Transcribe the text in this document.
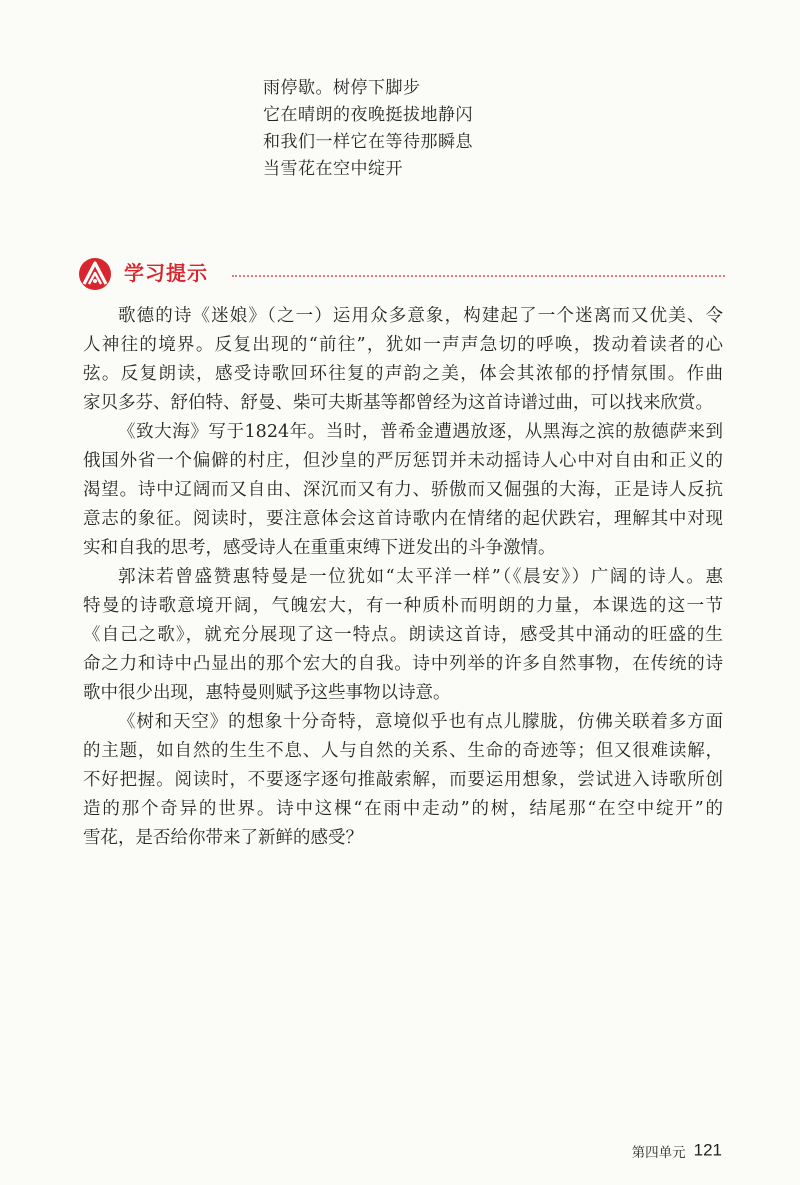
雨停歇。树停下脚步
它在晴朗的夜晚挺拔地静闪
和我们一样它在等待那瞬息
当雪花在空中绽开
学习提示
歌德的诗《迷娘》（之一）运用众多意象，构建起了一个迷离而又优美、令
人神往的境界。反复出现的“前往”，犹如一声声急切的呼唤，拨动着读者的心
弦。反复朗读，感受诗歌回环往复的声韵之美，体会其浓郁的抒情氛围。作曲
家贝多芬、舒伯特、舒曼、柴可夫斯基等都曾经为这首诗谱过曲，可以找来欣赏。
《致大海》写于1824年。当时，普希金遭遇放逐，从黑海之滨的敖德萨来到
俄国外省一个偏僻的村庄，但沙皇的严厉惩罚并未动摇诗人心中对自由和正义的
渴望。诗中辽阔而又自由、深沉而又有力、骄傲而又倔强的大海，正是诗人反抗
意志的象征。阅读时，要注意体会这首诗歌内在情绪的起伏跌宕，理解其中对现
实和自我的思考，感受诗人在重重束缚下迸发出的斗争激情。
郭沫若曾盛赞惠特曼是一位犹如“太平洋一样”（《晨安》）广阔的诗人。惠
特曼的诗歌意境开阔，气魄宏大，有一种质朴而明朗的力量，本课选的这一节
《自己之歌》，就充分展现了这一特点。朗读这首诗，感受其中涌动的旺盛的生
命之力和诗中凸显出的那个宏大的自我。诗中列举的许多自然事物，在传统的诗
歌中很少出现，惠特曼则赋予这些事物以诗意。
《树和天空》的想象十分奇特，意境似乎也有点儿朦胧，仿佛关联着多方面
的主题，如自然的生生不息、人与自然的关系、生命的奇迹等；但又很难读解，
不好把握。阅读时，不要逐字逐句推敲索解，而要运用想象，尝试进入诗歌所创
造的那个奇异的世界。诗中这棵“在雨中走动”的树，结尾那“在空中绽开”的
雪花，是否给你带来了新鲜的感受？
第四单元 121
